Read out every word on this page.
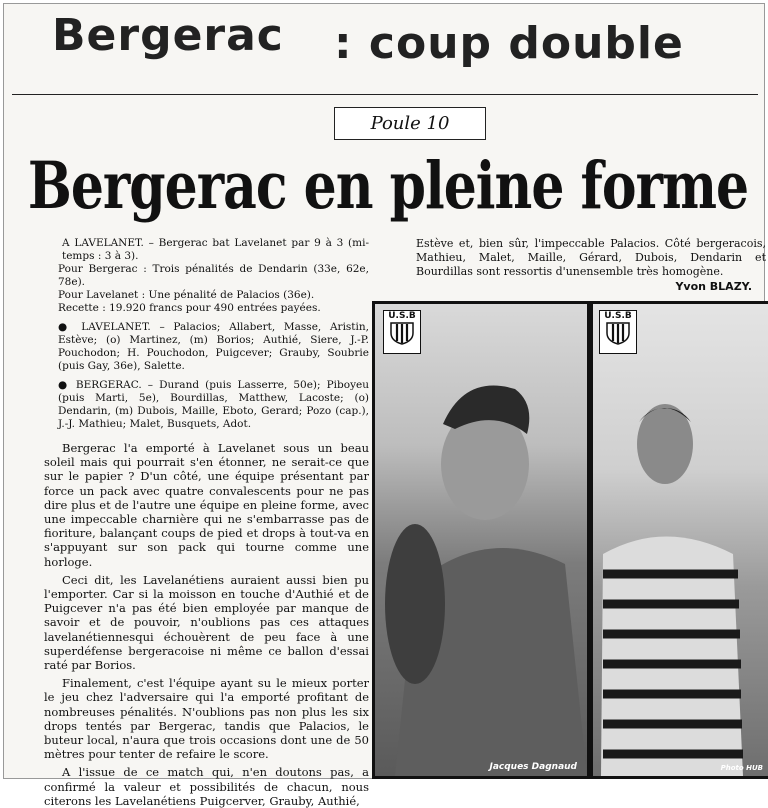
Bergerac : coup double
Poule 10
Bergerac en pleine forme

A LAVELANET. – Bergerac bat Lavelanet par 9 à 3 (mi-temps : 3 à 3).

Pour Bergerac : Trois pénalités de Dendarin (33e, 62e, 78e).

Pour Lavelanet : Une pénalité de Palacios (36e).

Recette : 19.920 francs pour 490 entrées payées.

● LAVELANET. – Palacios; Allabert, Masse, Aristin, Estève; (o) Martinez, (m) Borios; Authié, Siere, J.-P. Pouchodon; H. Pouchodon, Puigcever; Grauby, Soubrie (puis Gay, 36e), Salette.

● BERGERAC. – Durand (puis Lasserre, 50e); Piboyeu (puis Marti, 5e), Bourdillas, Matthew, Lacoste; (o) Dendarin, (m) Dubois, Maille, Eboto, Gerard; Pozo (cap.), J.-J. Mathieu; Malet, Busquets, Adot.

Bergerac l'a emporté à Lavelanet sous un beau soleil mais qui pourrait s'en étonner, ne serait-ce que sur le papier ? D'un côté, une équipe présentant par force un pack avec quatre convalescents pour ne pas dire plus et de l'autre une équipe en pleine forme, avec une impeccable charnière qui ne s'embarrasse pas de fioriture, balançant coups de pied et drops à tout-va en s'appuyant sur son pack qui tourne comme une horloge.

Ceci dit, les Lavelanétiens auraient aussi bien pu l'emporter. Car si la moisson en touche d'Authié et de Puigcever n'a pas été bien employée par manque de savoir et de pouvoir, n'oublions pas ces attaques lavelanétiennesqui échouèrent de peu face à une superdéfense bergeracoise ni même ce ballon d'essai raté par Borios.

Finalement, c'est l'équipe ayant su le mieux porter le jeu chez l'adversaire qui l'a emporté profitant de nombreuses pénalités. N'oublions pas non plus les six drops tentés par Bergerac, tandis que Palacios, le buteur local, n'aura que trois occasions dont une de 50 mètres pour tenter de refaire le score.

A l'issue de ce match qui, n'en doutons pas, a confirmé la valeur et possibilités de chacun, nous citerons les Lavelanétiens Puigcerver, Grauby, Authié,

Estève et, bien sûr, l'impeccable Palacios. Côté bergeracois, Mathieu, Malet, Maille, Gérard, Dubois, Dendarin et Bourdillas sont ressortis d'unensemble très homogène.
Yvon BLAZY.
U.S.B
Jacques Dagnaud
U.S.B
Photo HUB
